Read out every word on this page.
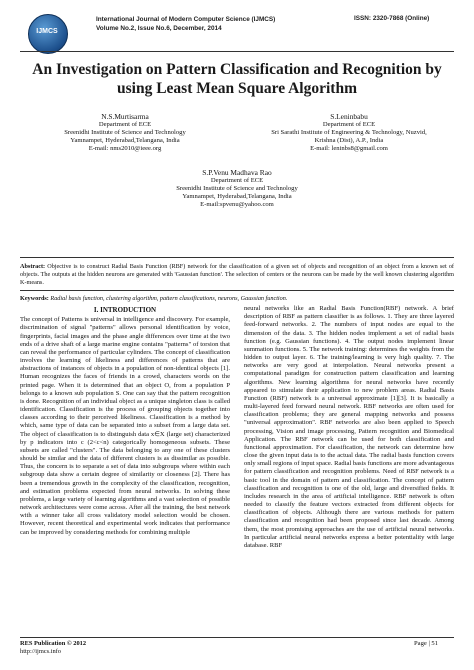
IJMCS
International Journal of Modern Computer Science (IJMCS)
Volume No.2, Issue No.6, December, 2014
ISSN: 2320-7868 (Online)
An Investigation on Pattern Classification and Recognition by
using Least Mean Square Algorithm
N.S.Murtisarma
Department of ECE
Sreenidhi Institute of Science and Technology
Yamnampet, Hyderabad,Telangana, India
E-mail: nms2010@ieee.org
S.Leninbabu
Department of ECE
Sri Sarathi Institute of Engineering & Technology, Nuzvid,
Krishna (Dist), A.P., India
E-mail: leninbs8@gmail.com
S.P.Venu Madhava Rao
Department of ECE
Sreenidhi Institute of Science and Technology
Yamnampet, Hyderabad,Telangana, India
E-mail:spvenu@yahoo.com
Abstract: Objective is to construct Radial Basis Function (RBF) network for the classification of a given set of objects and recognition of an object from a known set of objects. The outputs at the hidden neurons are generated with 'Gaussian function'. The selection of centers or the neurons can be made by the well known clustering algorithm K-means.
Keywords: Radial basis function, clustering algorithm, pattern classifications, neurons, Gaussian function.

I. INTRODUCTION

The concept of Patterns is universal in intelligence and discovery. For example, discrimination of signal "patterns" allows personal identification by voice, fingerprints, facial images and the phase angle differences over time at the two ends of a drive shaft of a large marine engine contains "patterns" of torsion that can reveal the performance of particular cylinders. The concept of classification involves the learning of likeliness and differences of patterns that are abstractions of instances of objects in a population of non-identical objects [1]. Human recognizes the faces of friends in a crowd, characters words on the printed page. When it is determined that an object O, from a population P belongs to a known sub population S. One can say that the pattern recognition is done. Recognition of an individual object as a unique singleton class is called identification. Classification is the process of grouping objects together into classes according to their perceived likeliness. Classification is a method by which, same type of data can be separated into a subset from a large data set. The object of classification is to distinguish data x∈X (large set) characterized by p indicators into c (2<c<n) categorically homogeneous subsets. These subsets are called "clusters". The data belonging to any one of these clusters should be similar and the data of different clusters is as dissimilar as possible. Thus, the concern is to separate a set of data into subgroups where within each subgroup data show a certain degree of similarity or closeness [2]. There has been a tremendous growth in the complexity of the classification, recognition, and estimation problems expected from neural networks. In solving these problems, a large variety of learning algorithms and a vast selection of possible network architectures were come across. After all the training, the best network with a winner take all cross validatory model selection would be chosen. However, recent theoretical and experimental work indicates that performance can be improved by considering methods for combining multiple

neural networks like an Radial Basis Function(RBF) network. A brief description of RBF as pattern classifier is as follows. 1. They are three layered feed-forward networks. 2. The numbers of input nodes are equal to the dimension of the data. 3. The hidden nodes implement a set of radial basis function (e.g. Gaussian functions). 4. The output nodes implement linear summation functions. 5. The network training: determines the weights from the hidden to output layer. 6. The training/learning is very high quality. 7. The networks are very good at interpolation. Neural networks present a computational paradigm for construction pattern classification and learning algorithms. New learning algorithms for neural networks have recently appeared to stimulate their application to new problem areas. Radial Basis Function (RBF) network is a universal approximate [1][3]. It is basically a multi-layered feed forward neural network. RBF networks are often used for classification problems; they are general mapping networks and possess "universal approximation". RBF networks are also been applied to Speech processing, Vision and image processing, Pattern recognition and Biomedical Application. The RBF network can be used for both classification and functional approximation. For classification, the network can determine how close the given input data is to the actual data. The radial basis function covers only small regions of input space. Radial basis functions are more advantageous for pattern classification and recognition problems. Need of RBF network is a basic tool in the domain of pattern and classification. The concept of pattern classification and recognition is one of the old, large and diversified fields. It includes research in the area of artificial intelligence. RBF network is often needed to classify the feature vectors extracted from different objects for classification of objects. Although there are various methods for pattern classification and recognition had been proposed since last decade. Among them, the most promising approaches are the use of artificial neural networks. In particular artificial neural networks express a better potentiality with large database. RBF

RES Publication © 2012
http://ijmcs.info
Page | 51
